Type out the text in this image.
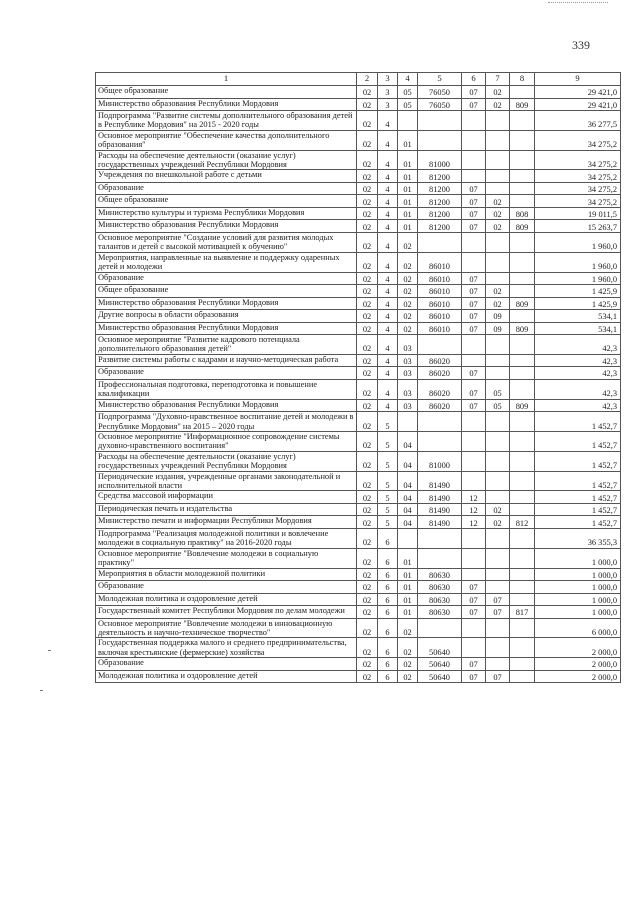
339
1	2	3	4	5	6	7	8	9
Общее образование	02	3	05	76050	07	02		29 421,0
Министерство образования Республики Мордовия	02	3	05	76050	07	02	809	29 421,0
Подпрограмма "Развитие системы дополнительного образования детей в Республике Мордовия" на 2015 - 2020 годы	02	4						36 277,5
Основное мероприятие "Обеспечение качества дополнительного образования"	02	4	01					34 275,2
Расходы на обеспечение деятельности (оказание услуг) государственных учреждений Республики Мордовия	02	4	01	81000				34 275,2
Учреждения по внешкольной работе с детьми	02	4	01	81200				34 275,2
Образование	02	4	01	81200	07			34 275,2
Общее образование	02	4	01	81200	07	02		34 275,2
Министерство культуры и туризма Республики Мордовия	02	4	01	81200	07	02	808	19 011,5
Министерство образования Республики Мордовия	02	4	01	81200	07	02	809	15 263,7
Основное мероприятие "Создание условий для развития молодых талантов и детей с высокой мотивацией к обучению"	02	4	02					1 960,0
Мероприятия, направленные на выявление и поддержку одаренных детей и молодежи	02	4	02	86010				1 960,0
Образование	02	4	02	86010	07			1 960,0
Общее образование	02	4	02	86010	07	02		1 425,9
Министерство образования Республики Мордовия	02	4	02	86010	07	02	809	1 425,9
Другие вопросы в области образования	02	4	02	86010	07	09		534,1
Министерство образования Республики Мордовия	02	4	02	86010	07	09	809	534,1
Основное мероприятие "Развитие кадрового потенциала дополнительного образования детей"	02	4	03					42,3
Развитие системы работы с кадрами и научно-методическая работа	02	4	03	86020				42,3
Образование	02	4	03	86020	07			42,3
Профессиональная подготовка, переподготовка и повышение квалификации	02	4	03	86020	07	05		42,3
Министерство образования Республики Мордовия	02	4	03	86020	07	05	809	42,3
Подпрограмма "Духовно-нравственное воспитание детей и молодежи в Республике Мордовия" на 2015 – 2020 годы	02	5						1 452,7
Основное мероприятие "Информационное сопровождение системы духовно-нравственного воспитания"	02	5	04					1 452,7
Расходы на обеспечение деятельности (оказание услуг) государственных учреждений Республики Мордовия	02	5	04	81000				1 452,7
Периодические издания, учрежденные органами законодательной и исполнительной власти	02	5	04	81490				1 452,7
Средства массовой информации	02	5	04	81490	12			1 452,7
Периодическая печать и издательства	02	5	04	81490	12	02		1 452,7
Министерство печати и информации Республики Мордовия	02	5	04	81490	12	02	812	1 452,7
Подпрограмма "Реализация молодежной политики и вовлечение молодежи в социальную практику" на 2016-2020 годы	02	6						36 355,3
Основное мероприятие "Вовлечение молодежи в социальную практику"	02	6	01					1 000,0
Мероприятия в области молодежной политики	02	6	01	80630				1 000,0
Образование	02	6	01	80630	07			1 000,0
Молодежная политика и оздоровление детей	02	6	01	80630	07	07		1 000,0
Государственный комитет Республики Мордовия по делам молодежи	02	6	01	80630	07	07	817	1 000,0
Основное мероприятие "Вовлечение молодежи в инновационную деятельность и научно-техническое творчество"	02	6	02					6 000,0
Государственная поддержка малого и среднего предпринимательства, включая крестьянские (фермерские) хозяйства	02	6	02	50640				2 000,0
Образование	02	6	02	50640	07			2 000,0
Молодежная политика и оздоровление детей	02	6	02	50640	07	07		2 000,0
